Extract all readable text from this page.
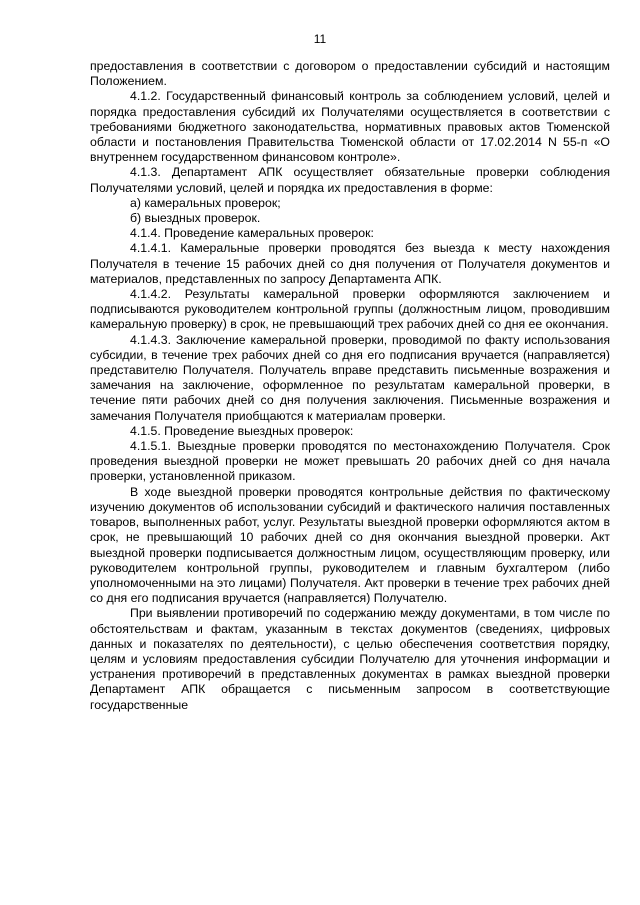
11

предоставления в соответствии с договором о предоставлении субсидий и настоящим Положением.

4.1.2. Государственный финансовый контроль за соблюдением условий, целей и порядка предоставления субсидий их Получателями осуществляется в соответствии с требованиями бюджетного законодательства, нормативных правовых актов Тюменской области и постановления Правительства Тюменской области от 17.02.2014 N 55-п «О внутреннем государственном финансовом контроле».

4.1.3. Департамент АПК осуществляет обязательные проверки соблюдения Получателями условий, целей и порядка их предоставления в форме:

а) камеральных проверок;

б) выездных проверок.

4.1.4. Проведение камеральных проверок:

4.1.4.1. Камеральные проверки проводятся без выезда к месту нахождения Получателя в течение 15 рабочих дней со дня получения от Получателя документов и материалов, представленных по запросу Департамента АПК.

4.1.4.2. Результаты камеральной проверки оформляются заключением и подписываются руководителем контрольной группы (должностным лицом, проводившим камеральную проверку) в срок, не превышающий трех рабочих дней со дня ее окончания.

4.1.4.3. Заключение камеральной проверки, проводимой по факту использования субсидии, в течение трех рабочих дней со дня его подписания вручается (направляется) представителю Получателя. Получатель вправе представить письменные возражения и замечания на заключение, оформленное по результатам камеральной проверки, в течение пяти рабочих дней со дня получения заключения. Письменные возражения и замечания Получателя приобщаются к материалам проверки.

4.1.5. Проведение выездных проверок:

4.1.5.1. Выездные проверки проводятся по местонахождению Получателя. Срок проведения выездной проверки не может превышать 20 рабочих дней со дня начала проверки, установленной приказом.

В ходе выездной проверки проводятся контрольные действия по фактическому изучению документов об использовании субсидий и фактического наличия поставленных товаров, выполненных работ, услуг. Результаты выездной проверки оформляются актом в срок, не превышающий 10 рабочих дней со дня окончания выездной проверки. Акт выездной проверки подписывается должностным лицом, осуществляющим проверку, или руководителем контрольной группы, руководителем и главным бухгалтером (либо уполномоченными на это лицами) Получателя. Акт проверки в течение трех рабочих дней со дня его подписания вручается (направляется) Получателю.

При выявлении противоречий по содержанию между документами, в том числе по обстоятельствам и фактам, указанным в текстах документов (сведениях, цифровых данных и показателях по деятельности), с целью обеспечения соответствия порядку, целям и условиям предоставления субсидии Получателю для уточнения информации и устранения противоречий в представленных документах в рамках выездной проверки Департамент АПК обращается с письменным запросом в соответствующие государственные
